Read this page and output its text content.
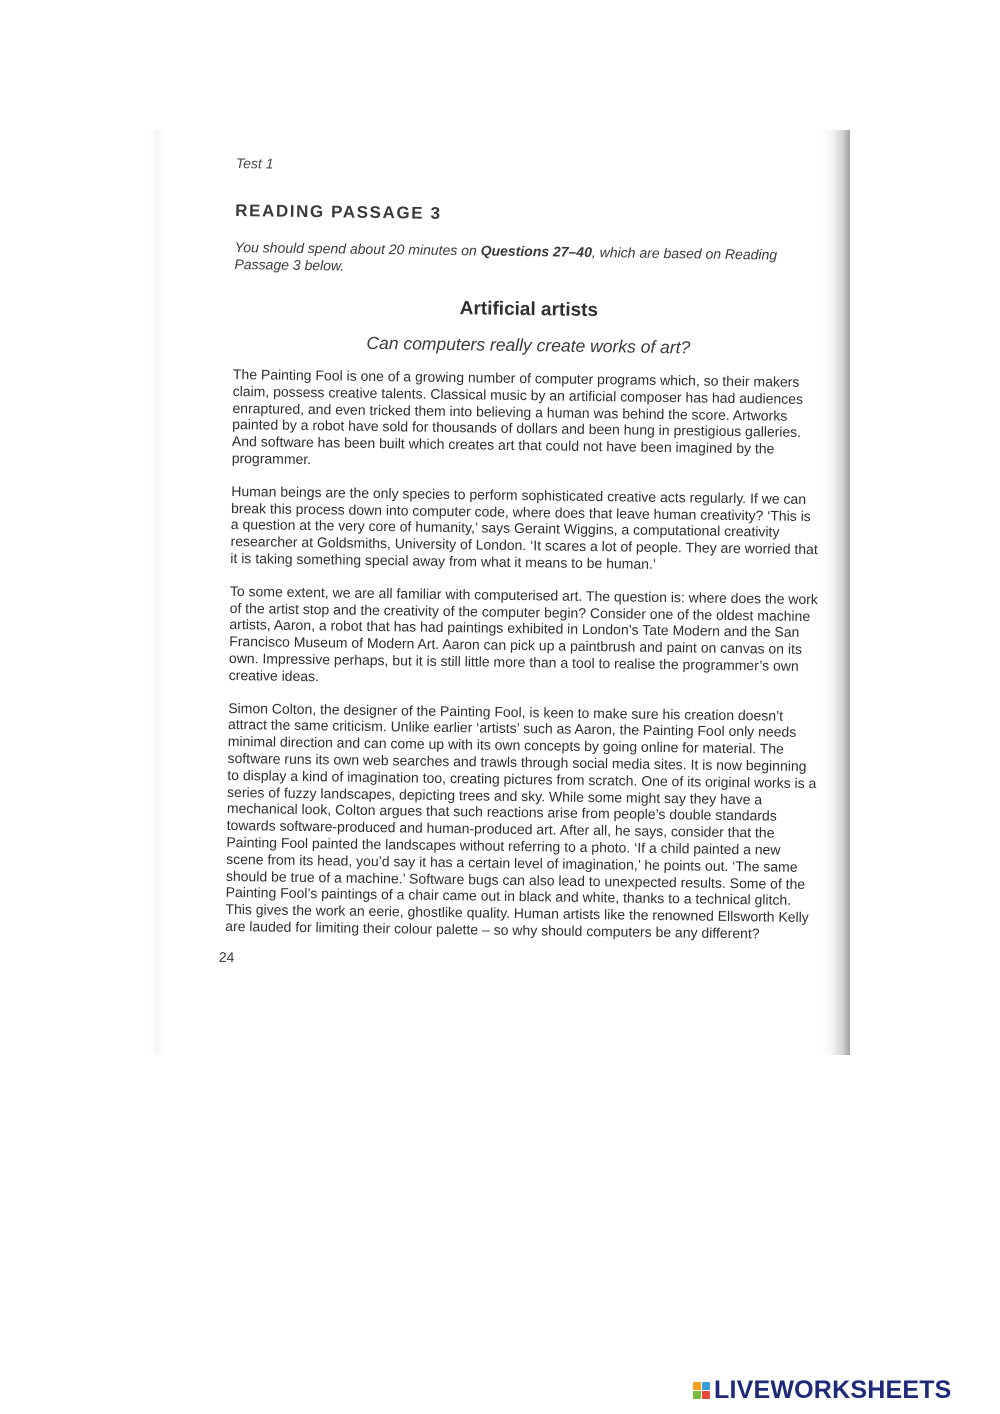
Test 1

READING PASSAGE 3
You should spend about 20 minutes on Questions 27–40, which are based on Reading Passage 3 below.
Artificial artists
Can computers really create works of art?
The Painting Fool is one of a growing number of computer programs which, so their makers claim, possess creative talents. Classical music by an artificial composer has had audiences enraptured, and even tricked them into believing a human was behind the score. Artworks painted by a robot have sold for thousands of dollars and been hung in prestigious galleries. And software has been built which creates art that could not have been imagined by the programmer.
Human beings are the only species to perform sophisticated creative acts regularly. If we can break this process down into computer code, where does that leave human creativity? ‘This is a question at the very core of humanity,’ says Geraint Wiggins, a computational creativity researcher at Goldsmiths, University of London. ‘It scares a lot of people. They are worried that it is taking something special away from what it means to be human.’
To some extent, we are all familiar with computerised art. The question is: where does the work of the artist stop and the creativity of the computer begin? Consider one of the oldest machine artists, Aaron, a robot that has had paintings exhibited in London’s Tate Modern and the San Francisco Museum of Modern Art. Aaron can pick up a paintbrush and paint on canvas on its own. Impressive perhaps, but it is still little more than a tool to realise the programmer’s own creative ideas.
Simon Colton, the designer of the Painting Fool, is keen to make sure his creation doesn’t attract the same criticism. Unlike earlier ‘artists’ such as Aaron, the Painting Fool only needs minimal direction and can come up with its own concepts by going online for material. The software runs its own web searches and trawls through social media sites. It is now beginning to display a kind of imagination too, creating pictures from scratch. One of its original works is a series of fuzzy landscapes, depicting trees and sky. While some might say they have a mechanical look, Colton argues that such reactions arise from people’s double standards towards software-produced and human-produced art. After all, he says, consider that the Painting Fool painted the landscapes without referring to a photo. ‘If a child painted a new scene from its head, you’d say it has a certain level of imagination,’ he points out. ‘The same should be true of a machine.’ Software bugs can also lead to unexpected results. Some of the Painting Fool’s paintings of a chair came out in black and white, thanks to a technical glitch. This gives the work an eerie, ghostlike quality. Human artists like the renowned Ellsworth Kelly are lauded for limiting their colour palette – so why should computers be any different?
24
LIVEWORKSHEETS
